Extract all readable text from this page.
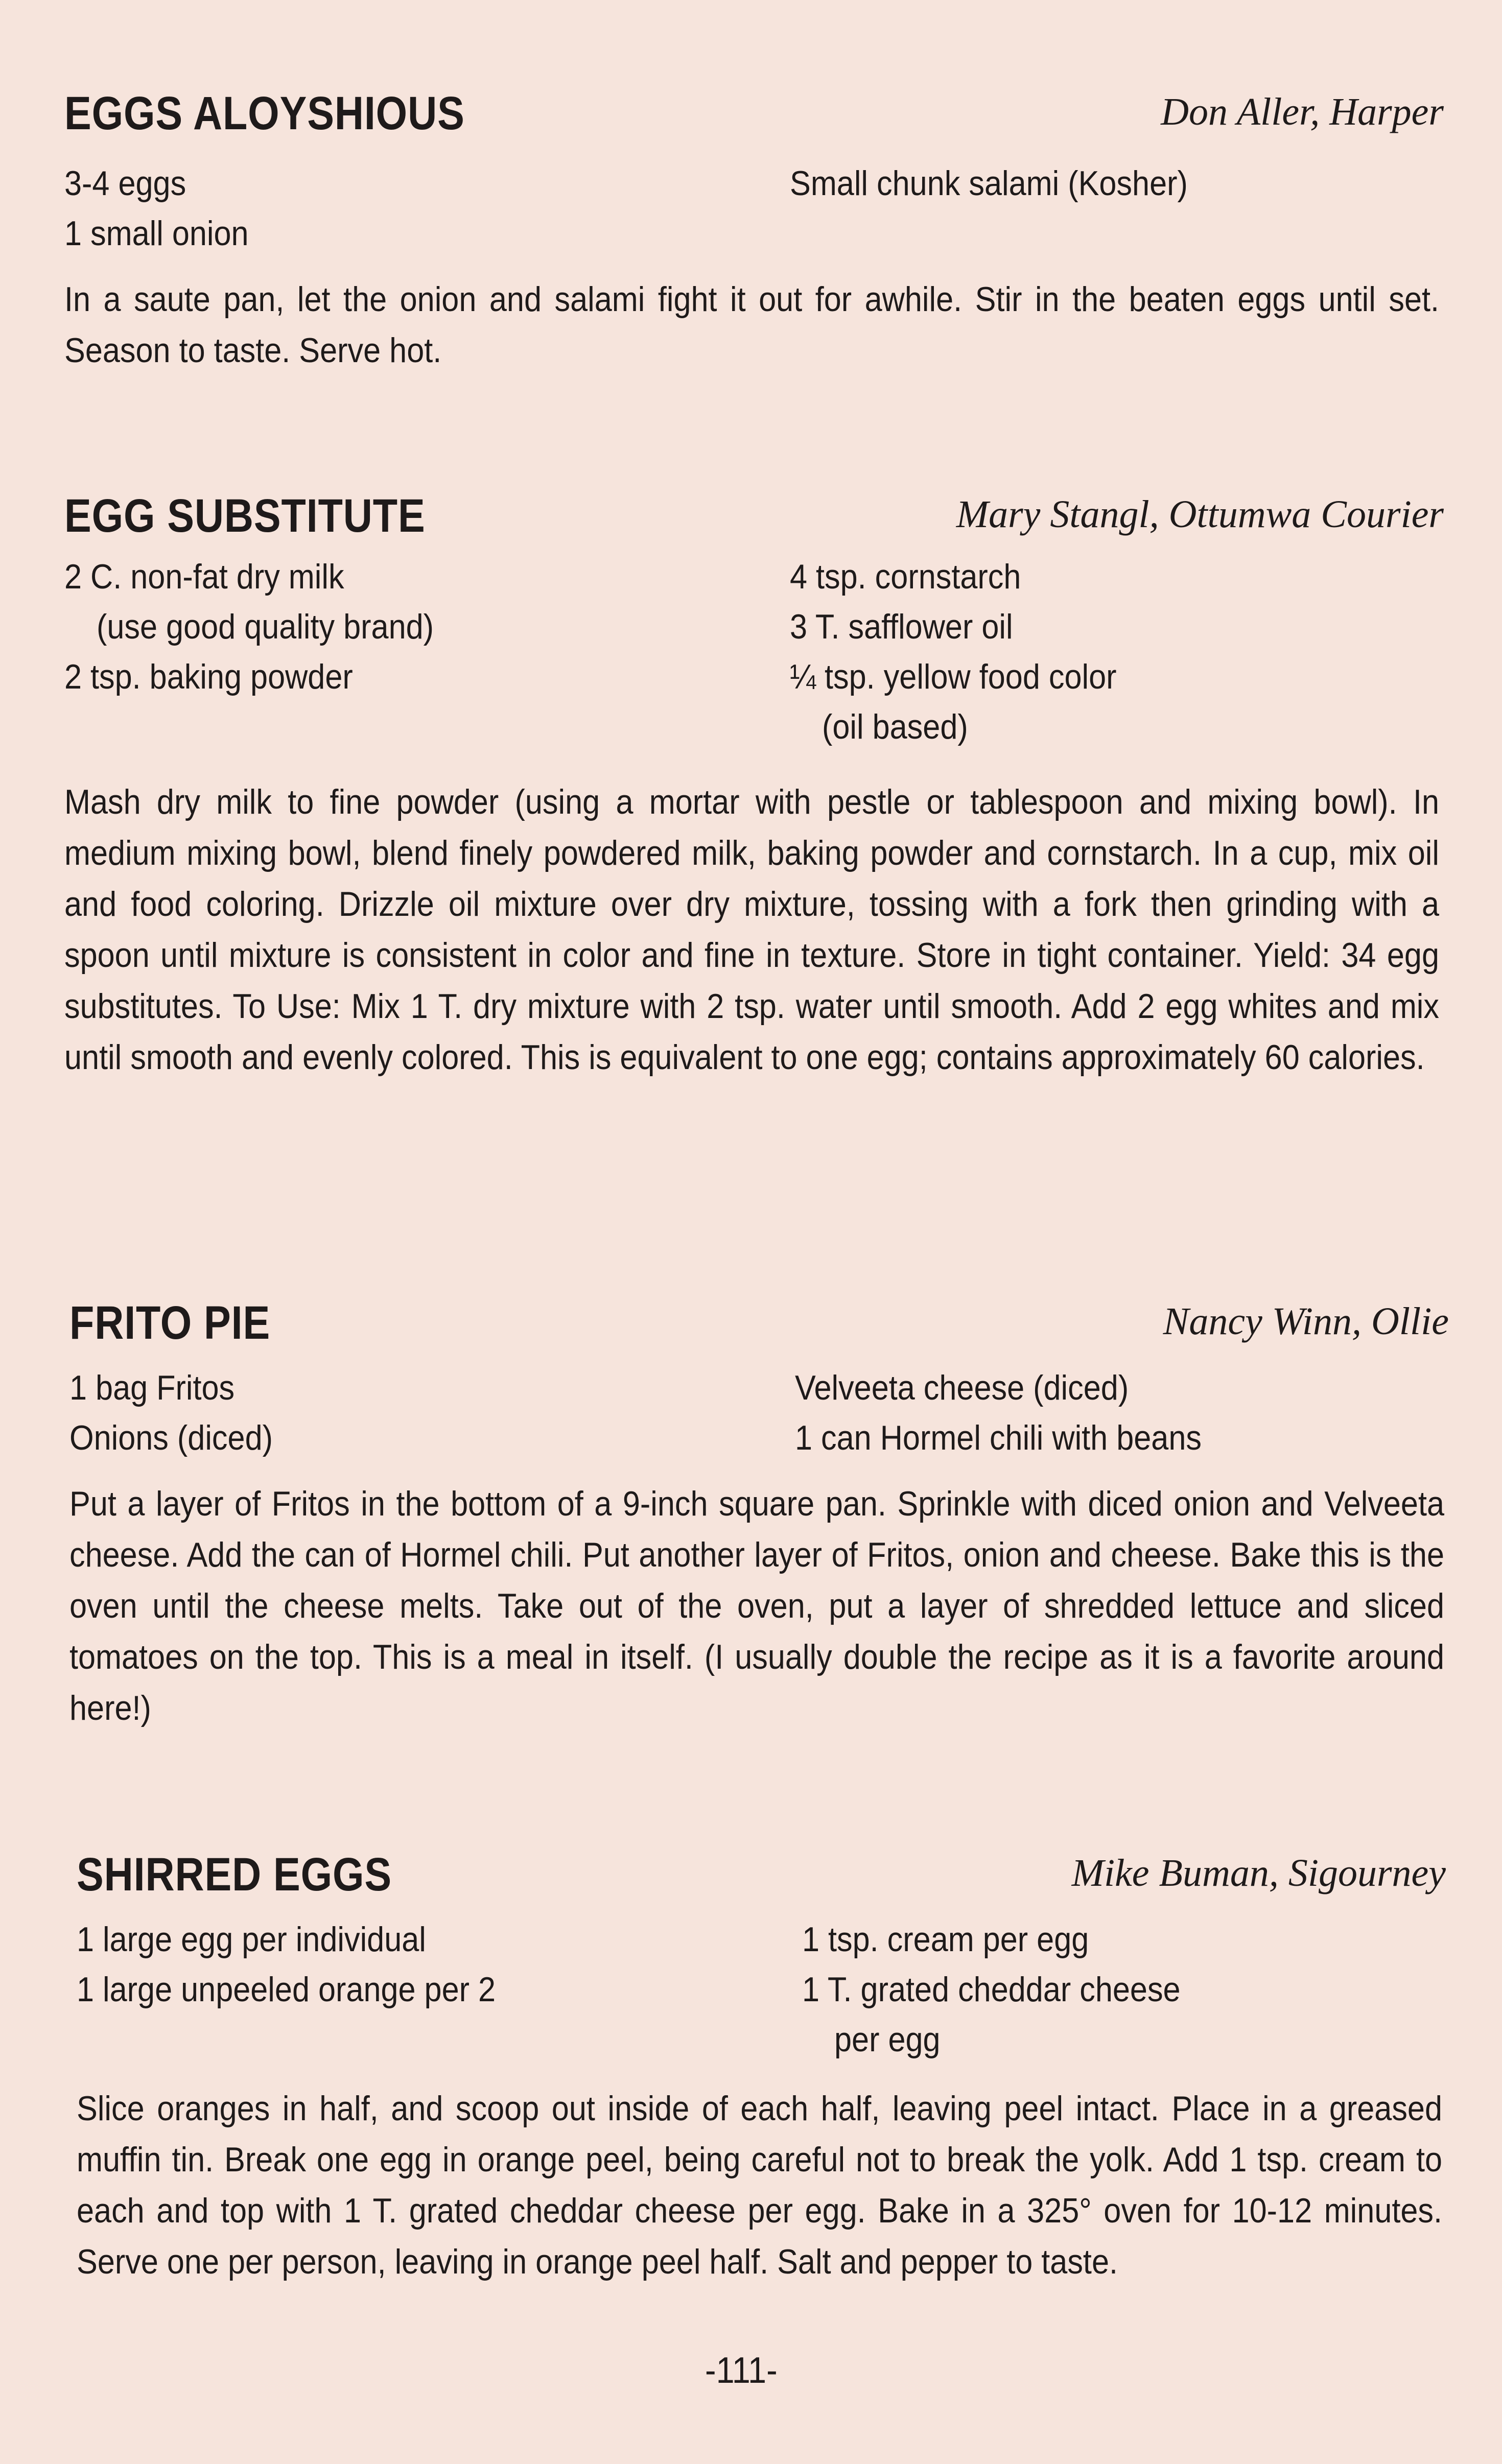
EGGS ALOYSHIOUS	Don Aller, Harper
3-4 eggs
1 small onion
Small chunk salami (Kosher)
In a saute pan, let the onion and salami fight it out for awhile. Stir in the beaten eggs until set. Season to taste. Serve hot.
EGG SUBSTITUTE	Mary Stangl, Ottumwa Courier
2 C. non-fat dry milk
(use good quality brand)
2 tsp. baking powder
4 tsp. cornstarch
3 T. safflower oil
¼ tsp. yellow food color
(oil based)
Mash dry milk to fine powder (using a mortar with pestle or tablespoon and mixing bowl). In medium mixing bowl, blend finely powdered milk, baking powder and cornstarch. In a cup, mix oil and food coloring. Drizzle oil mixture over dry mixture, tossing with a fork then grinding with a spoon until mixture is consistent in color and fine in texture. Store in tight container. Yield: 34 egg substitutes. To Use: Mix 1 T. dry mixture with 2 tsp. water until smooth. Add 2 egg whites and mix until smooth and evenly colored. This is equivalent to one egg; contains approximately 60 calories.
FRITO PIE	Nancy Winn, Ollie
1 bag Fritos
Onions (diced)
Velveeta cheese (diced)
1 can Hormel chili with beans
Put a layer of Fritos in the bottom of a 9-inch square pan. Sprinkle with diced onion and Velveeta cheese. Add the can of Hormel chili. Put another layer of Fritos, onion and cheese. Bake this is the oven until the cheese melts. Take out of the oven, put a layer of shredded lettuce and sliced tomatoes on the top. This is a meal in itself. (I usually double the recipe as it is a favorite around here!)
SHIRRED EGGS	Mike Buman, Sigourney
1 large egg per individual
1 large unpeeled orange per 2
1 tsp. cream per egg
1 T. grated cheddar cheese
per egg
Slice oranges in half, and scoop out inside of each half, leaving peel intact. Place in a greased muffin tin. Break one egg in orange peel, being careful not to break the yolk. Add 1 tsp. cream to each and top with 1 T. grated cheddar cheese per egg. Bake in a 325° oven for 10-12 minutes. Serve one per person, leaving in orange peel half. Salt and pepper to taste.
-111-
